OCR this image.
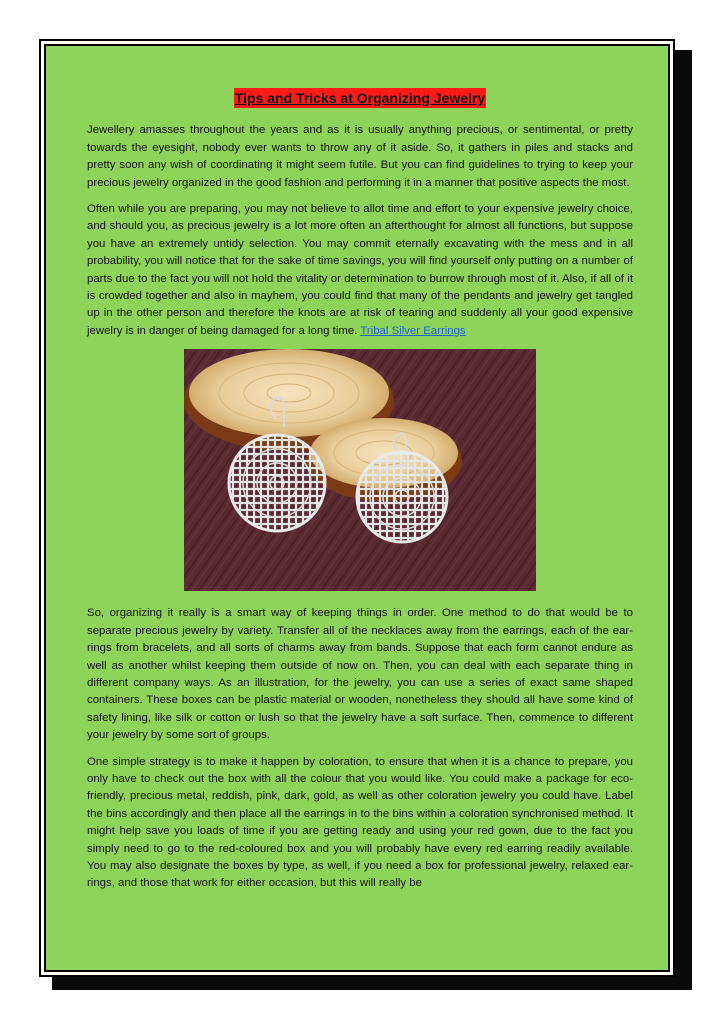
Tips and Tricks at Organizing Jewelry

Jewellery amasses throughout the years and as it is usually anything precious, or sentimental, or pretty towards the eyesight, nobody ever wants to throw any of it aside. So, it gathers in piles and stacks and pretty soon any wish of coordinating it might seem futile. But you can find guidelines to trying to keep your precious jewelry organized in the good fashion and performing it in a manner that positive aspects the most.

Often while you are preparing, you may not believe to allot time and effort to your expensive jewelry choice, and should you, as precious jewelry is a lot more often an afterthought for almost all functions, but suppose you have an extremely untidy selection. You may commit eternally excavating with the mess and in all probability, you will notice that for the sake of time savings, you will find yourself only putting on a number of parts due to the fact you will not hold the vitality or determination to burrow through most of it. Also, if all of it is crowded together and also in mayhem, you could find that many of the pendants and jewelry get tangled up in the other person and therefore the knots are at risk of tearing and suddenly all your good expensive jewelry is in danger of being damaged for a long time. Tribal Silver Earrings

So, organizing it really is a smart way of keeping things in order. One method to do that would be to separate precious jewelry by variety. Transfer all of the necklaces away from the earrings, each of the ear-rings from bracelets, and all sorts of charms away from bands. Suppose that each form cannot endure as well as another whilst keeping them outside of now on. Then, you can deal with each separate thing in different company ways. As an illustration, for the jewelry, you can use a series of exact same shaped containers. These boxes can be plastic material or wooden, nonetheless they should all have some kind of safety lining, like silk or cotton or lush so that the jewelry have a soft surface. Then, commence to different your jewelry by some sort of groups.

One simple strategy is to make it happen by coloration, to ensure that when it is a chance to prepare, you only have to check out the box with all the colour that you would like. You could make a package for eco-friendly, precious metal, reddish, pink, dark, gold, as well as other coloration jewelry you could have. Label the bins accordingly and then place all the earrings in to the bins within a coloration synchronised method. It might help save you loads of time if you are getting ready and using your red gown, due to the fact you simply need to go to the red-coloured box and you will probably have every red earring readily available. You may also designate the boxes by type, as well, if you need a box for professional jewelry, relaxed ear-rings, and those that work for either occasion, but this will really be
